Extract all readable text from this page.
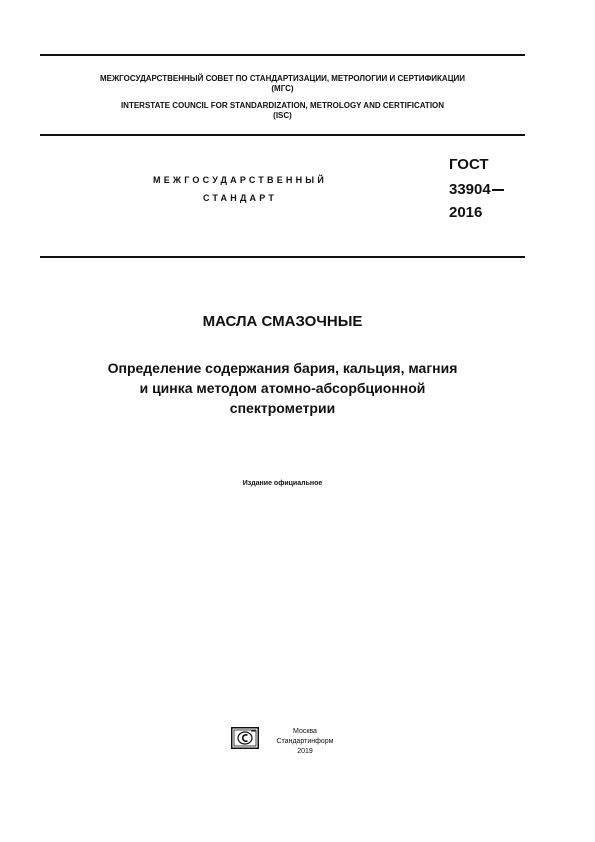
МЕЖГОСУДАРСТВЕННЫЙ СОВЕТ ПО СТАНДАРТИЗАЦИИ, МЕТРОЛОГИИ И СЕРТИФИКАЦИИ
(МГС)
INTERSTATE COUNCIL FOR STANDARDIZATION, METROLOGY AND CERTIFICATION
(ISC)
МЕЖГОСУДАРСТВЕННЫЙ
СТАНДАРТ
ГОСТ
33904
2016
МАСЛА СМАЗОЧНЫЕ
Определение содержания бария, кальция, магния
и цинка методом атомно-абсорбционной
спектрометрии
Издание официальное
Москва
Стандартинформ
2019
